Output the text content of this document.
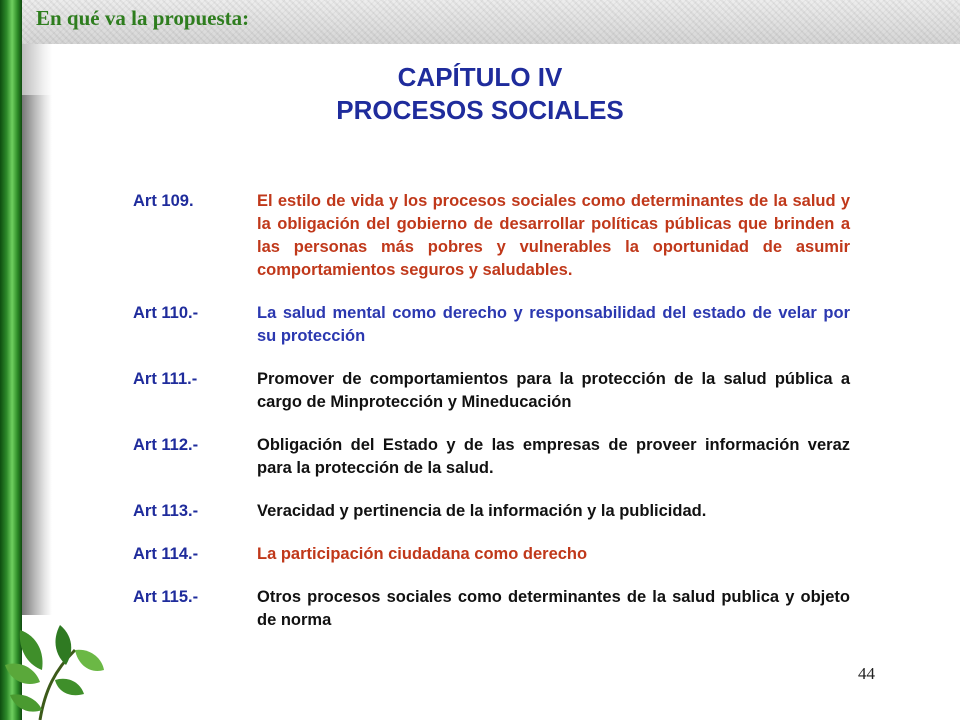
En qué va la propuesta:
CAPÍTULO IV
PROCESOS SOCIALES
Art 109.	El estilo de vida y los procesos sociales como determinantes de la salud y la obligación del gobierno de desarrollar políticas públicas que brinden a las personas más pobres y vulnerables la oportunidad de asumir comportamientos seguros y saludables.
Art 110.-	La salud mental como derecho y responsabilidad del estado de velar por su protección
Art 111.-	Promover de comportamientos para la protección de la salud pública a cargo de Minprotección y Mineducación
Art 112.-	Obligación del Estado y de las empresas de proveer información veraz para la protección de la salud.
Art 113.-	Veracidad y pertinencia de la información y la publicidad.
Art 114.-	La participación ciudadana como derecho
Art 115.-	Otros procesos sociales como determinantes de la salud publica y objeto de norma
44
